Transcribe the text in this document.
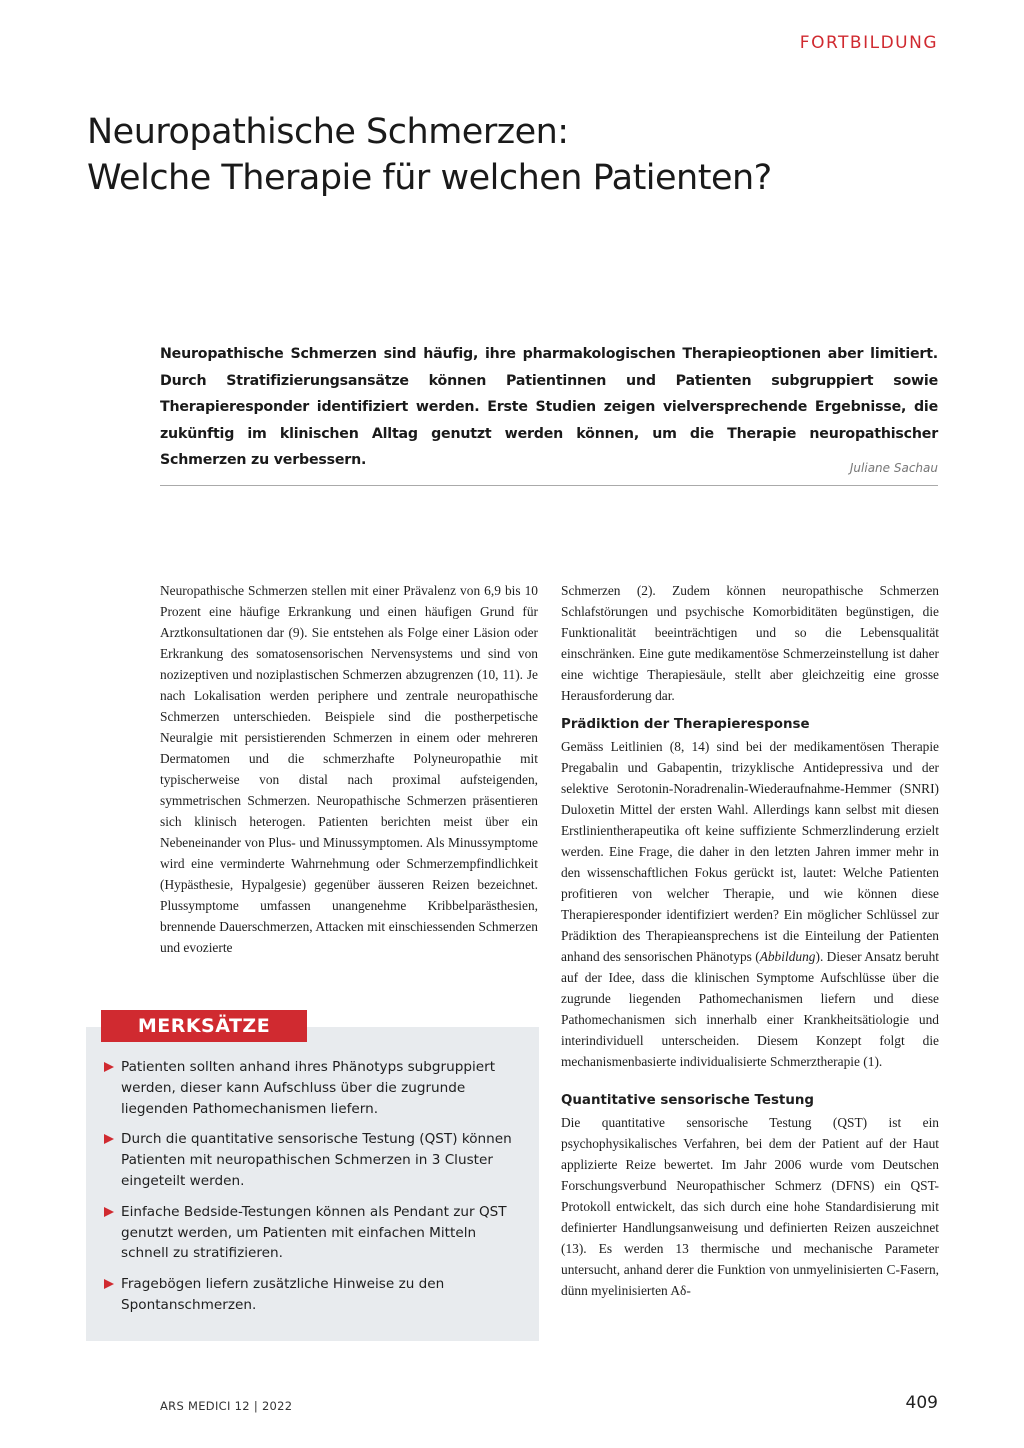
FORTBILDUNG
Neuropathische Schmerzen:
Welche Therapie für welchen Patienten?

Neuropathische Schmerzen sind häufig, ihre pharmakologischen Therapieoptionen aber limitiert. Durch Stratifizierungsansätze können Patientinnen und Patienten subgruppiert sowie Therapieresponder identifiziert werden. Erste Studien zeigen vielversprechende Ergebnisse, die zukünftig im klinischen Alltag genutzt werden können, um die Therapie neuropathischer Schmerzen zu verbessern.	Juliane Sachau

Neuropathische Schmerzen stellen mit einer Prävalenz von 6,9 bis 10 Prozent eine häufige Erkrankung und einen häufigen Grund für Arztkonsultationen dar (9). Sie entstehen als Folge einer Läsion oder Erkrankung des somatosensorischen Nervensystems und sind von nozizeptiven und noziplastischen Schmerzen abzugrenzen (10, 11). Je nach Lokalisation werden periphere und zentrale neuropathische Schmerzen unterschieden. Beispiele sind die postherpetische Neuralgie mit persistierenden Schmerzen in einem oder mehreren Dermatomen und die schmerzhafte Polyneuropathie mit typischerweise von distal nach proximal aufsteigenden, symmetrischen Schmerzen. Neuropathische Schmerzen präsentieren sich klinisch heterogen. Patienten berichten meist über ein Nebeneinander von Plus- und Minussymptomen. Als Minussymptome wird eine verminderte Wahrnehmung oder Schmerzempfindlichkeit (Hypästhesie, Hypalgesie) gegenüber äusseren Reizen bezeichnet. Plussymptome umfassen unangenehme Kribbelparästhesien, brennende Dauerschmerzen, Attacken mit einschiessenden Schmerzen und evozierte

Schmerzen (2). Zudem können neuropathische Schmerzen Schlafstörungen und psychische Komorbiditäten begünstigen, die Funktionalität beeinträchtigen und so die Lebensqualität einschränken. Eine gute medikamentöse Schmerzeinstellung ist daher eine wichtige Therapiesäule, stellt aber gleichzeitig eine grosse Herausforderung dar.

Prädiktion der Therapieresponse

Gemäss Leitlinien (8, 14) sind bei der medikamentösen Therapie Pregabalin und Gabapentin, trizyklische Antidepressiva und der selektive Serotonin-Noradrenalin-Wiederaufnahme-Hemmer (SNRI) Duloxetin Mittel der ersten Wahl. Allerdings kann selbst mit diesen Erstlinientherapeutika oft keine suffiziente Schmerzlinderung erzielt werden. Eine Frage, die daher in den letzten Jahren immer mehr in den wissenschaftlichen Fokus gerückt ist, lautet: Welche Patienten profitieren von welcher Therapie, und wie können diese Therapieresponder identifiziert werden? Ein möglicher Schlüssel zur Prädiktion des Therapieansprechens ist die Einteilung der Patienten anhand des sensorischen Phänotyps (Abbildung). Dieser Ansatz beruht auf der Idee, dass die klinischen Symptome Aufschlüsse über die zugrunde liegenden Pathomechanismen liefern und diese Pathomechanismen sich innerhalb einer Krankheitsätiologie und interindividuell unterscheiden. Diesem Konzept folgt die mechanismenbasierte individualisierte Schmerztherapie (1).

Quantitative sensorische Testung

Die quantitative sensorische Testung (QST) ist ein psychophysikalisches Verfahren, bei dem der Patient auf der Haut applizierte Reize bewertet. Im Jahr 2006 wurde vom Deutschen Forschungsverbund Neuropathischer Schmerz (DFNS) ein QST-Protokoll entwickelt, das sich durch eine hohe Standardisierung mit definierter Handlungsanweisung und definierten Reizen auszeichnet (13). Es werden 13 thermische und mechanische Parameter untersucht, anhand derer die Funktion von unmyelinisierten C-Fasern, dünn myelinisierten Aδ-

Patienten sollten anhand ihres Phänotyps subgruppiert werden, dieser kann Aufschluss über die zugrunde liegenden Pathomechanismen liefern.
Durch die quantitative sensorische Testung (QST) können Patienten mit neuropathischen Schmerzen in 3 Cluster eingeteilt werden.
Einfache Bedside-Testungen können als Pendant zur QST genutzt werden, um Patienten mit einfachen Mitteln schnell zu stratifizieren.
Fragebögen liefern zusätzliche Hinweise zu den Spontanschmerzen.
MERKSÄTZE
ARS MEDICI 12 | 2022	409
